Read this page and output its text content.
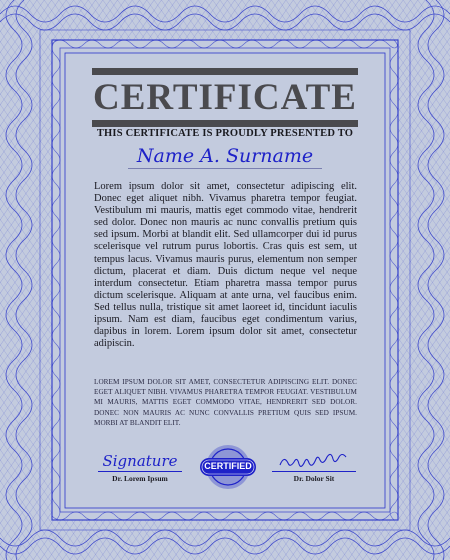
CERTIFICATE
THIS CERTIFICATE IS PROUDLY PRESENTED TO
Name A. Surname
Lorem ipsum dolor sit amet, consectetur adipiscing elit. Donec eget aliquet nibh. Vivamus pharetra tempor feugiat. Vestibulum mi mauris, mattis eget commodo vitae, hendrerit sed dolor. Donec non mauris ac nunc convallis pretium quis sed ipsum. Morbi at blandit elit. Sed ullamcorper dui id purus scelerisque vel rutrum purus lobortis. Cras quis est sem, ut tempus lacus. Vivamus mauris purus, elementum non semper dictum, placerat et diam. Duis dictum neque vel neque interdum consectetur. Etiam pharetra massa tempor purus dictum scelerisque. Aliquam at ante urna, vel faucibus enim. Sed tellus nulla, tristique sit amet laoreet id, tincidunt iaculis ipsum. Nam est diam, faucibus eget condimentum varius, dapibus in lorem. Lorem ipsum dolor sit amet, consectetur adipiscin.
LOREM IPSUM DOLOR SIT AMET, CONSECTETUR ADIPISCING ELIT. DONEC EGET ALIQUET NIBH. VIVAMUS PHARETRA TEMPOR FEUGIAT. VESTIBULUM MI MAURIS, MATTIS EGET COMMODO VITAE, HENDRERIT SED DOLOR. DONEC NON MAURIS AC NUNC CONVALLIS PRETIUM QUIS SED IPSUM. MORBI AT BLANDIT ELIT.
Signature
Dr. Lorem Ipsum
CERTIFIED
Dr. Dolor Sit
